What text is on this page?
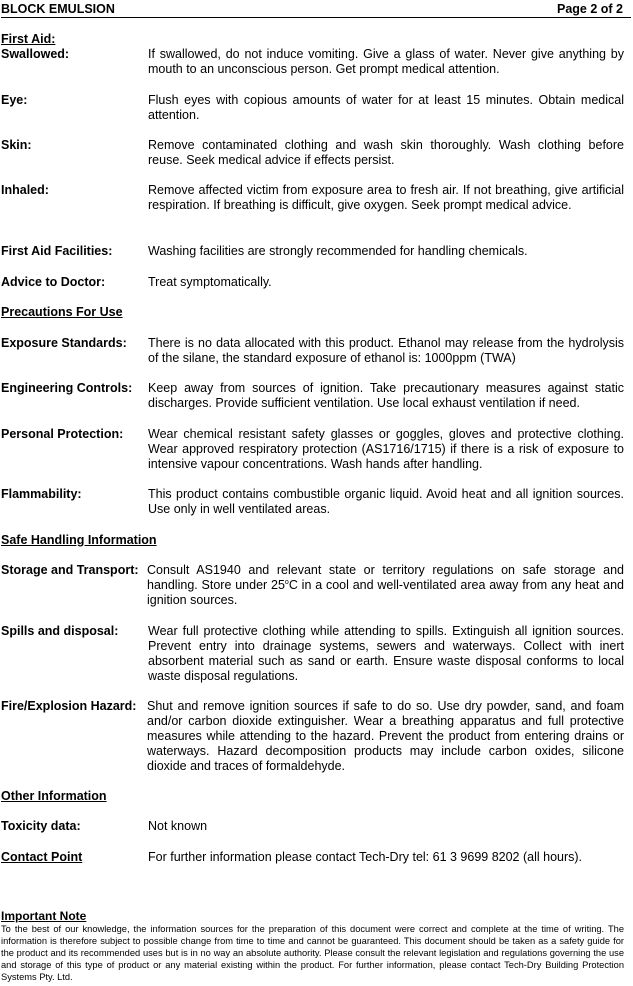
BLOCK EMULSION	Page 2 of 2
First Aid:
Swallowed:	If swallowed, do not induce vomiting. Give a glass of water. Never give anything by mouth to an unconscious person. Get prompt medical attention.
Eye:	Flush eyes with copious amounts of water for at least 15 minutes. Obtain medical attention.
Skin:	Remove contaminated clothing and wash skin thoroughly. Wash clothing before reuse. Seek medical advice if effects persist.
Inhaled:	Remove affected victim from exposure area to fresh air. If not breathing, give artificial respiration. If breathing is difficult, give oxygen. Seek prompt medical advice.
First Aid Facilities:	Washing facilities are strongly recommended for handling chemicals.
Advice to Doctor:	Treat symptomatically.
Precautions For Use
Exposure Standards: There is no data allocated with this product. Ethanol may release from the hydrolysis of the silane, the standard exposure of ethanol is: 1000ppm (TWA)
Engineering Controls: Keep away from sources of ignition. Take precautionary measures against static discharges. Provide sufficient ventilation. Use local exhaust ventilation if need.
Personal Protection: Wear chemical resistant safety glasses or goggles, gloves and protective clothing. Wear approved respiratory protection (AS1716/1715) if there is a risk of exposure to intensive vapour concentrations. Wash hands after handling.
Flammability:	This product contains combustible organic liquid. Avoid heat and all ignition sources. Use only in well ventilated areas.
Safe Handling Information
Storage and Transport: Consult AS1940 and relevant state or territory regulations on safe storage and handling. Store under 25$^o$C in a cool and well-ventilated area away from any heat and ignition sources.
Spills and disposal: Wear full protective clothing while attending to spills. Extinguish all ignition sources. Prevent entry into drainage systems, sewers and waterways. Collect with inert absorbent material such as sand or earth. Ensure waste disposal conforms to local waste disposal regulations.
Fire/Explosion Hazard: Shut and remove ignition sources if safe to do so. Use dry powder, sand, and foam and/or carbon dioxide extinguisher. Wear a breathing apparatus and full protective measures while attending to the hazard. Prevent the product from entering drains or waterways. Hazard decomposition products may include carbon oxides, silicone dioxide and traces of formaldehyde.
Other Information
Toxicity data:	Not known
Contact Point	For further information please contact Tech-Dry tel: 61 3 9699 8202 (all hours).
Important Note
To the best of our knowledge, the information sources for the preparation of this document were correct and complete at the time of writing. The information is therefore subject to possible change from time to time and cannot be guaranteed. This document should be taken as a safety guide for the product and its recommended uses but is in no way an absolute authority. Please consult the relevant legislation and regulations governing the use and storage of this type of product or any material existing within the product. For further information, please contact Tech-Dry Building Protection Systems Pty. Ltd.
